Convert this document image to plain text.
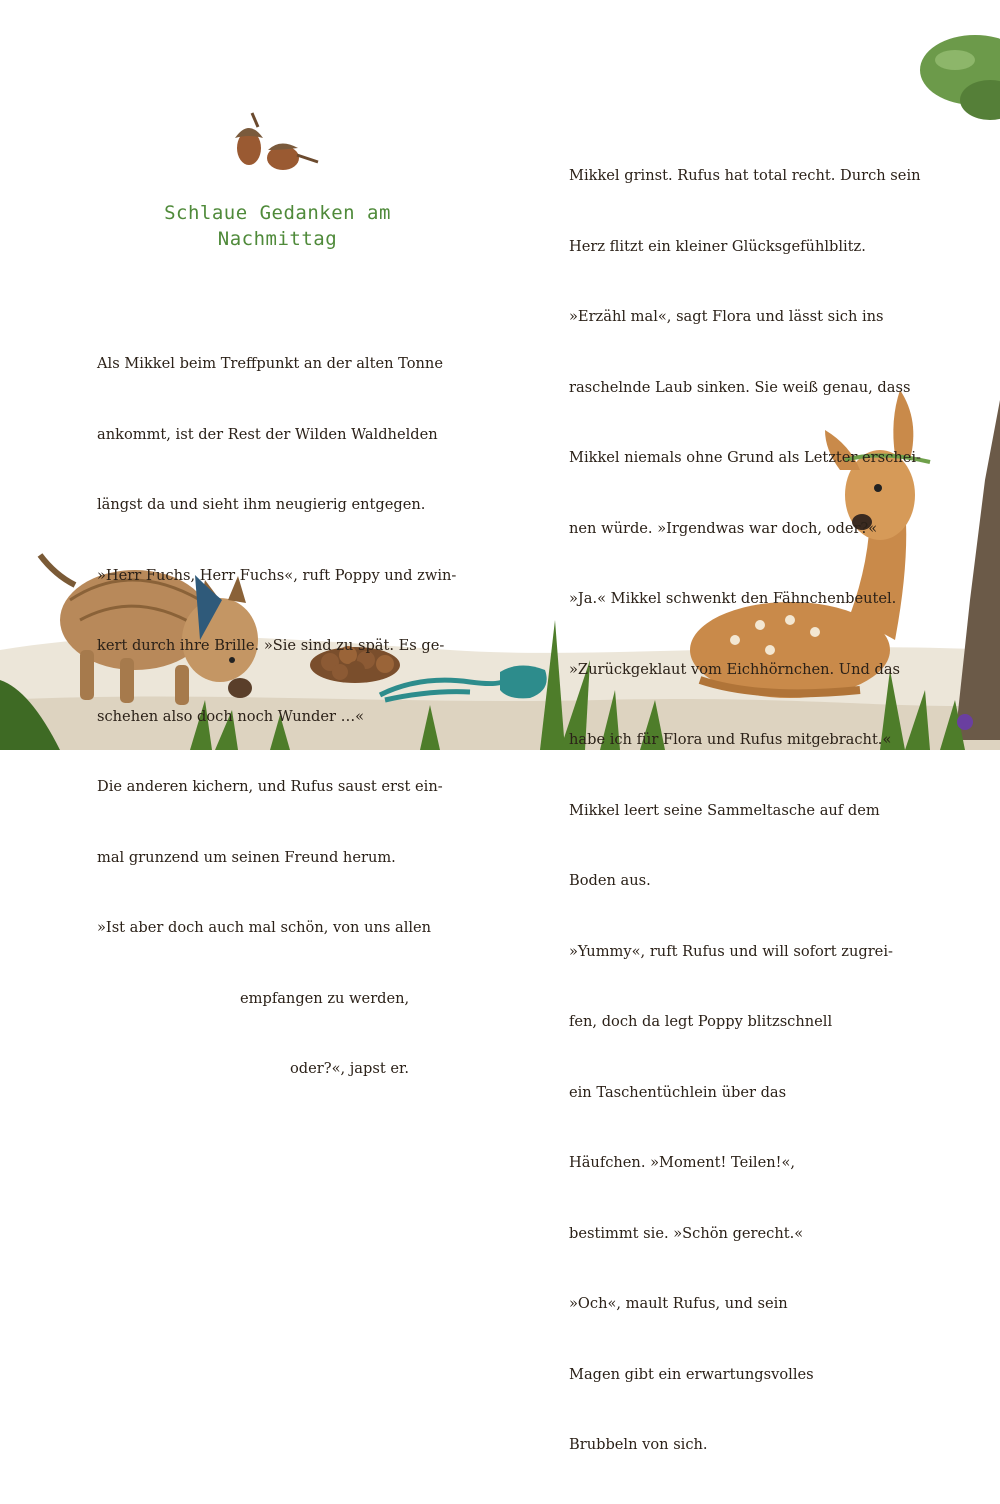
Schlaue Gedanken am
Nachmittag

Als Mikkel beim Treffpunkt an der alten Tonne

ankommt, ist der Rest der Wilden Waldhelden

längst da und sieht ihm neugierig entgegen.

»Herr Fuchs, Herr Fuchs«, ruft Poppy und zwin-

kert durch ihre Brille. »Sie sind zu spät. Es ge-

schehen also doch noch Wunder …«

Die anderen kichern, und Rufus saust erst ein-

mal grunzend um seinen Freund herum.

»Ist aber doch auch mal schön, von uns allen

empfangen zu werden,

oder?«, japst er.

Mikkel grinst. Rufus hat total recht. Durch sein

Herz flitzt ein kleiner Glücksgefühlblitz.

»Erzähl mal«, sagt Flora und lässt sich ins

raschelnde Laub sinken. Sie weiß genau, dass

Mikkel niemals ohne Grund als Letzter erschei-

nen würde. »Irgendwas war doch, oder?«

»Ja.« Mikkel schwenkt den Fähnchenbeutel.

»Zurückgeklaut vom Eichhörnchen. Und das

habe ich für Flora und Rufus mitgebracht.«

Mikkel leert seine Sammeltasche auf dem

Boden aus.

»Yummy«, ruft Rufus und will sofort zugrei-

fen, doch da legt Poppy blitzschnell

ein Taschentüchlein über das

Häufchen. »Moment! Teilen!«,

bestimmt sie. »Schön gerecht.«

»Och«, mault Rufus, und sein

Magen gibt ein erwartungsvolles

Brubbeln von sich.
